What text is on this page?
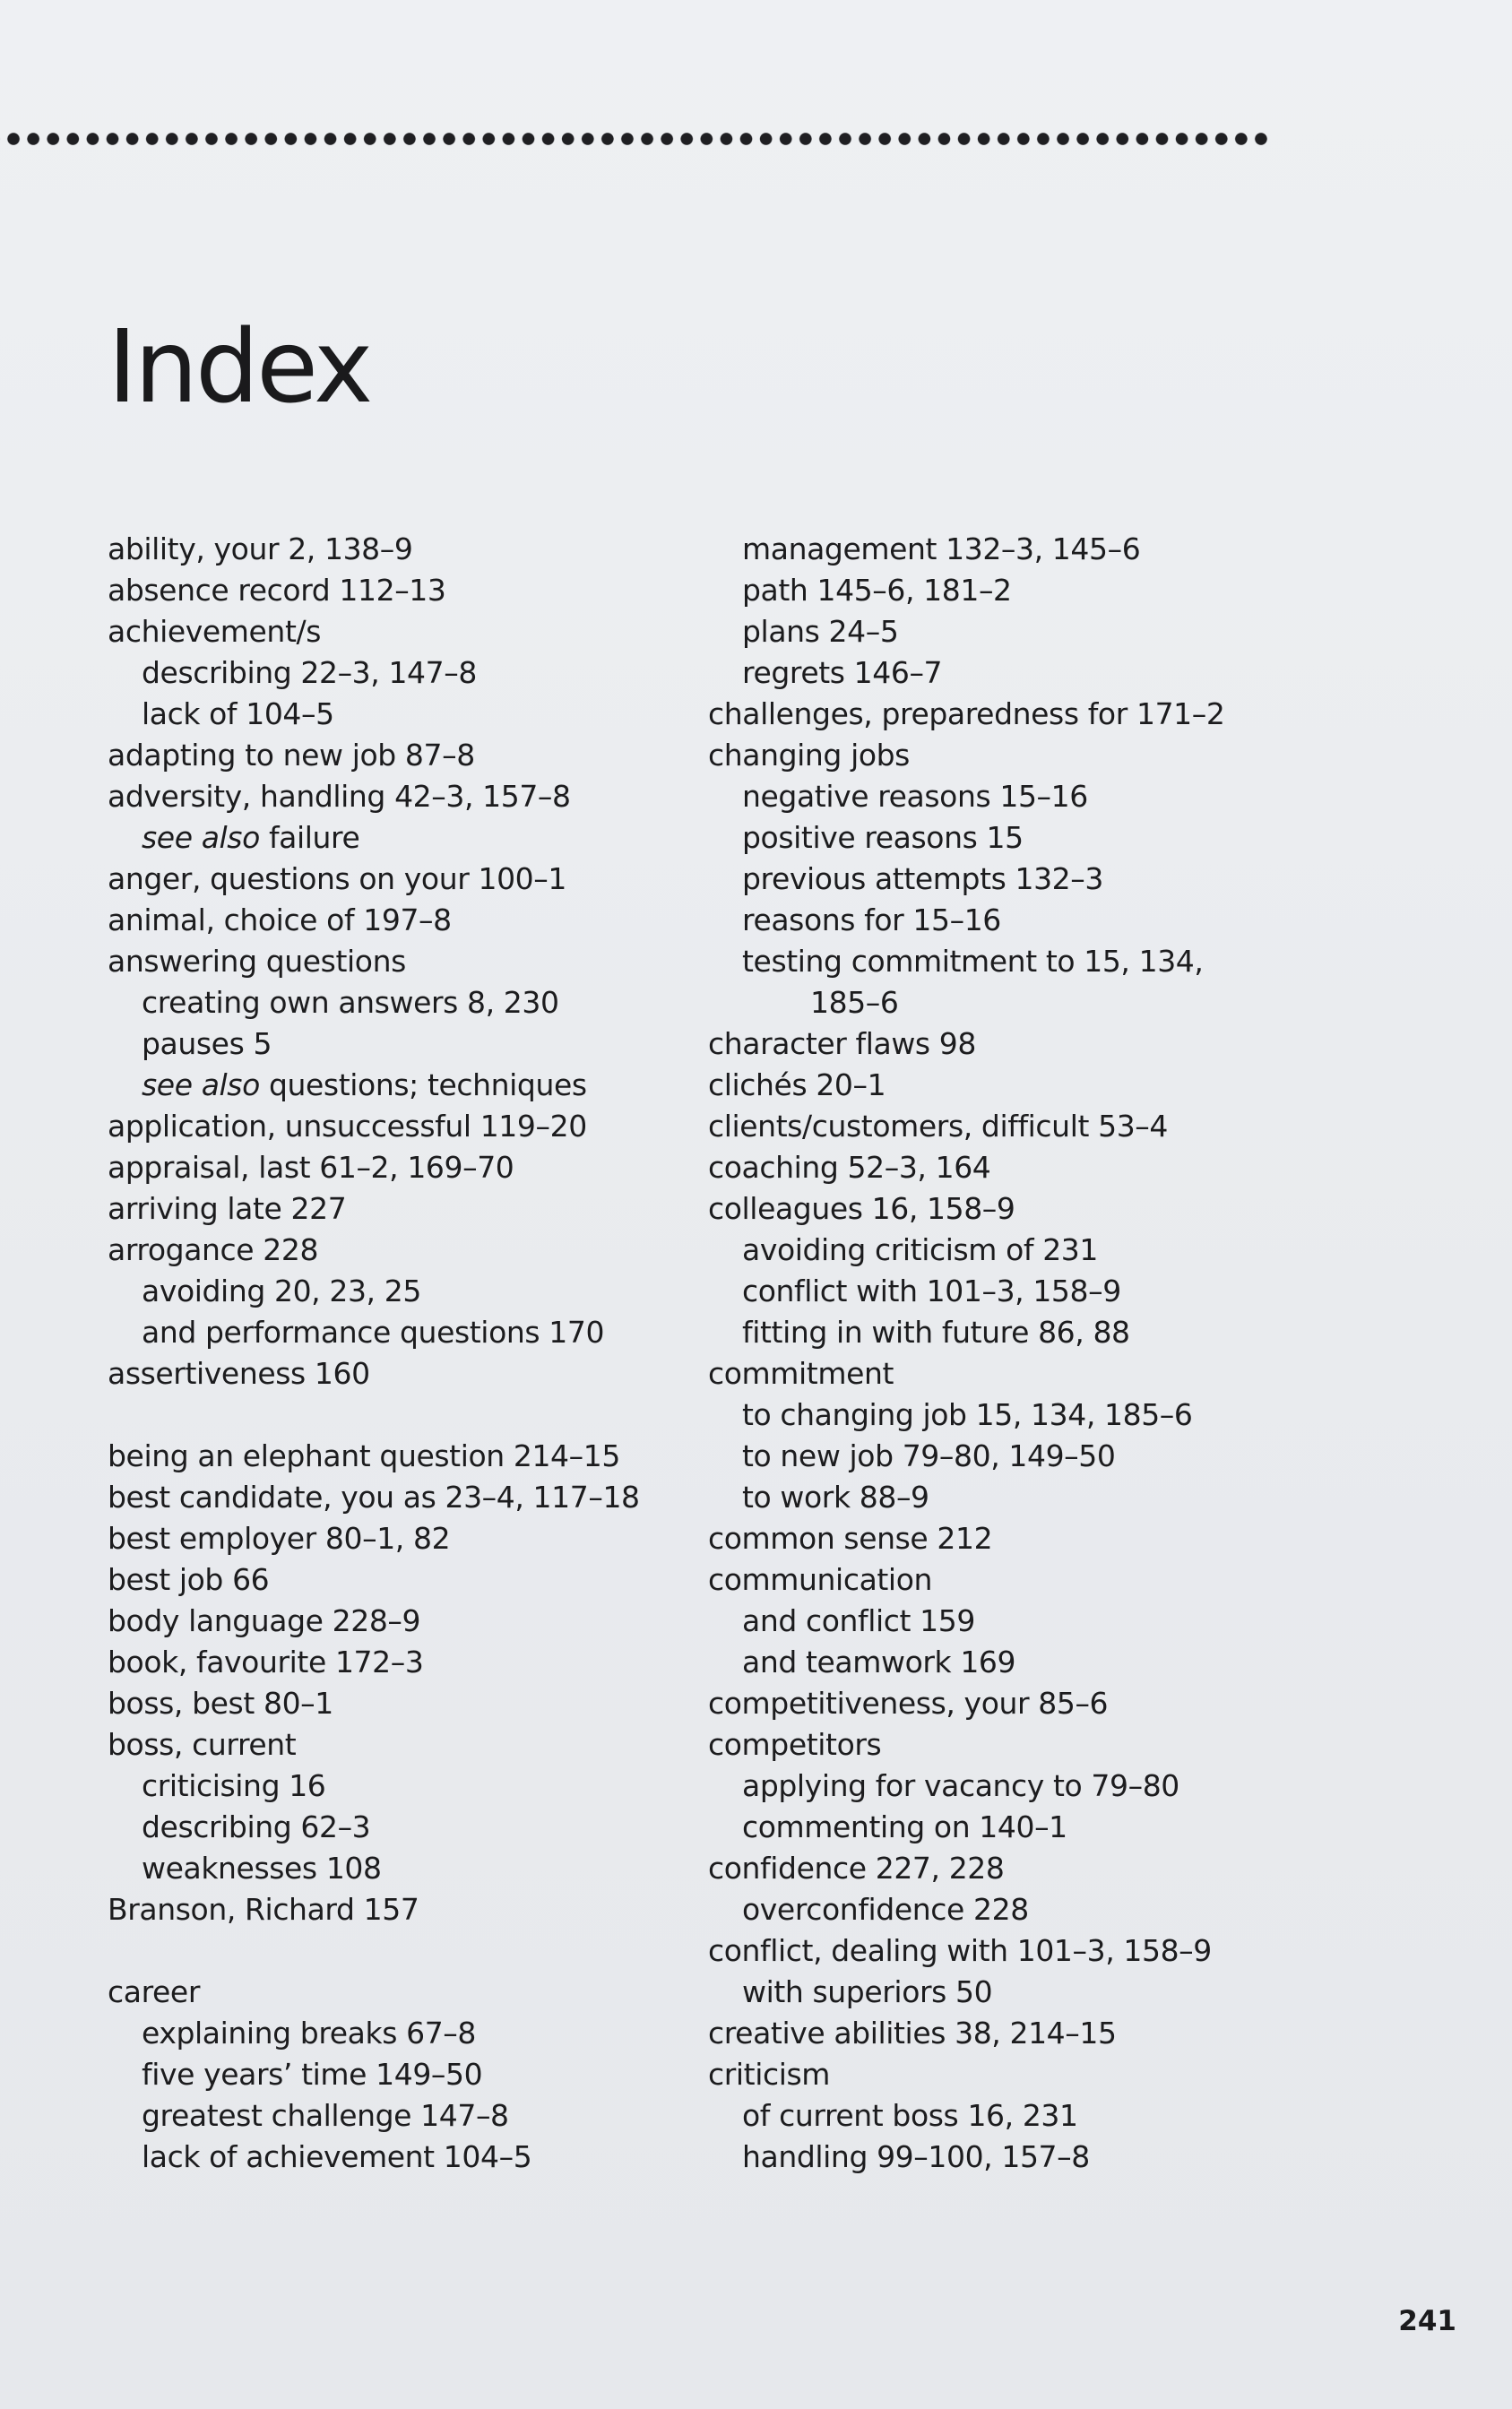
Index
ability, your 2, 138–9
absence record 112–13
achievement/s
describing 22–3, 147–8
lack of 104–5
adapting to new job 87–8
adversity, handling 42–3, 157–8
see also failure
anger, questions on your 100–1
animal, choice of 197–8
answering questions
creating own answers 8, 230
pauses 5
see also questions; techniques
application, unsuccessful 119–20
appraisal, last 61–2, 169–70
arriving late 227
arrogance 228
avoiding 20, 23, 25
and performance questions 170
assertiveness 160
being an elephant question 214–15
best candidate, you as 23–4, 117–18
best employer 80–1, 82
best job 66
body language 228–9
book, favourite 172–3
boss, best 80–1
boss, current
criticising 16
describing 62–3
weaknesses 108
Branson, Richard 157
career
explaining breaks 67–8
five years’ time 149–50
greatest challenge 147–8
lack of achievement 104–5
management 132–3, 145–6
path 145–6, 181–2
plans 24–5
regrets 146–7
challenges, preparedness for 171–2
changing jobs
negative reasons 15–16
positive reasons 15
previous attempts 132–3
reasons for 15–16
testing commitment to 15, 134,
185–6
character flaws 98
clichés 20–1
clients/customers, difficult 53–4
coaching 52–3, 164
colleagues 16, 158–9
avoiding criticism of 231
conflict with 101–3, 158–9
fitting in with future 86, 88
commitment
to changing job 15, 134, 185–6
to new job 79–80, 149–50
to work 88–9
common sense 212
communication
and conflict 159
and teamwork 169
competitiveness, your 85–6
competitors
applying for vacancy to 79–80
commenting on 140–1
confidence 227, 228
overconfidence 228
conflict, dealing with 101–3, 158–9
with superiors 50
creative abilities 38, 214–15
criticism
of current boss 16, 231
handling 99–100, 157–8
241
